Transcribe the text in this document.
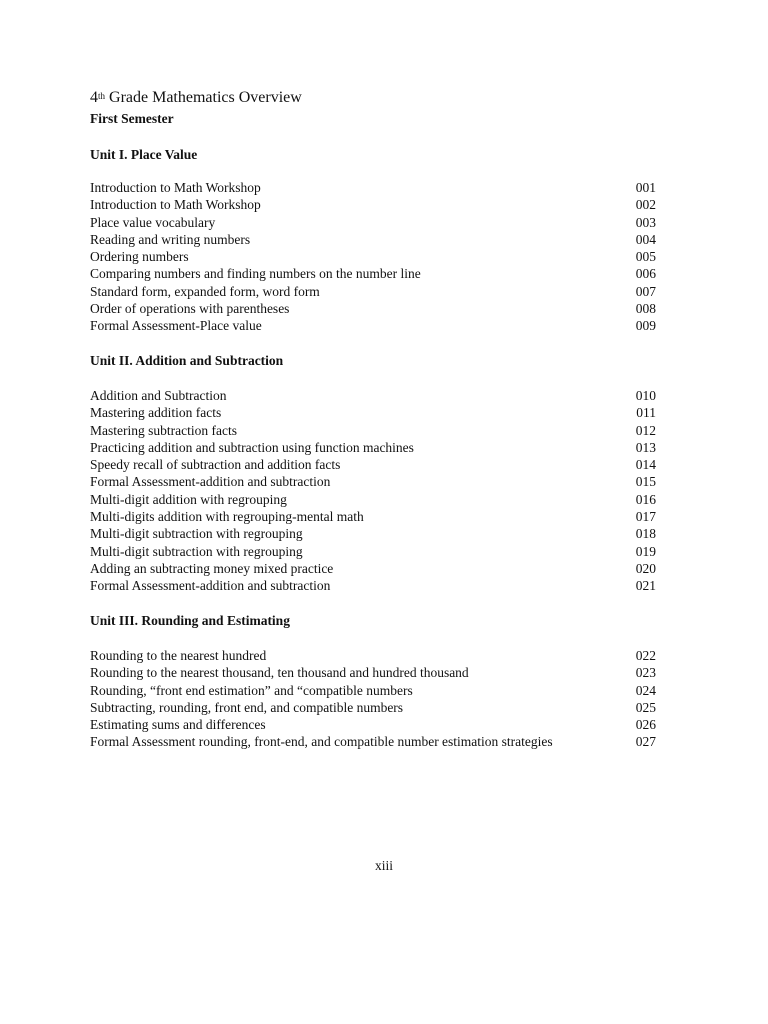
4th Grade Mathematics Overview
First Semester
Unit I. Place Value
Introduction to Math Workshop	001
Introduction to Math Workshop	002
Place value vocabulary	003
Reading and writing numbers	004
Ordering numbers	005
Comparing numbers and finding numbers on the number line	006
Standard form, expanded form, word form	007
Order of operations with parentheses	008
Formal Assessment-Place value	009
Unit II. Addition and Subtraction
Addition and Subtraction	010
Mastering addition facts	011
Mastering subtraction facts	012
Practicing addition and subtraction using function machines	013
Speedy recall of subtraction and addition facts	014
Formal Assessment-addition and subtraction	015
Multi-digit addition with regrouping	016
Multi-digits addition with regrouping-mental math	017
Multi-digit subtraction with regrouping	018
Multi-digit subtraction with regrouping	019
Adding an subtracting money mixed practice	020
Formal Assessment-addition and subtraction	021
Unit III. Rounding and Estimating
Rounding to the nearest hundred	022
Rounding to the nearest thousand, ten thousand and hundred thousand	023
Rounding, “front end estimation” and “compatible numbers	024
Subtracting, rounding, front end, and compatible numbers	025
Estimating sums and differences	026
Formal Assessment rounding, front-end, and compatible number estimation strategies	027
xiii
